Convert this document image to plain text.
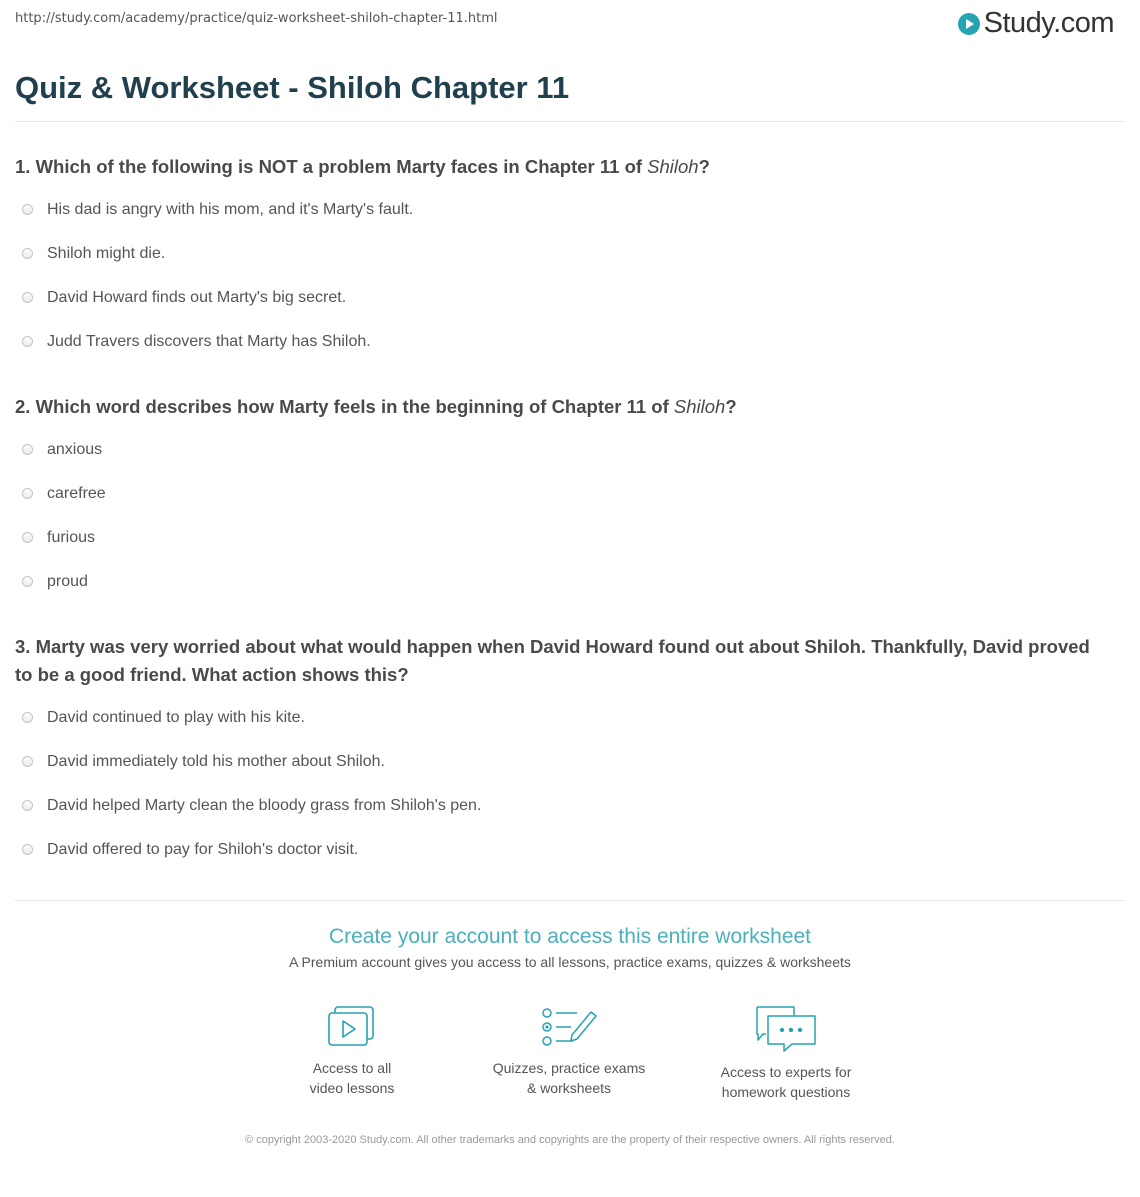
http://study.com/academy/practice/quiz-worksheet-shiloh-chapter-11.html	Study.com
Quiz & Worksheet - Shiloh Chapter 11
1. Which of the following is NOT a problem Marty faces in Chapter 11 of Shiloh?
His dad is angry with his mom, and it's Marty's fault.
Shiloh might die.
David Howard finds out Marty's big secret.
Judd Travers discovers that Marty has Shiloh.
2. Which word describes how Marty feels in the beginning of Chapter 11 of Shiloh?
anxious
carefree
furious
proud
3. Marty was very worried about what would happen when David Howard found out about Shiloh. Thankfully, David proved to be a good friend. What action shows this?
David continued to play with his kite.
David immediately told his mother about Shiloh.
David helped Marty clean the bloody grass from Shiloh's pen.
David offered to pay for Shiloh's doctor visit.
Create your account to access this entire worksheet
A Premium account gives you access to all lessons, practice exams, quizzes & worksheets
Access to all
video lessons
Quizzes, practice exams
& worksheets
Access to experts for
homework questions
© copyright 2003-2020 Study.com. All other trademarks and copyrights are the property of their respective owners. All rights reserved.
